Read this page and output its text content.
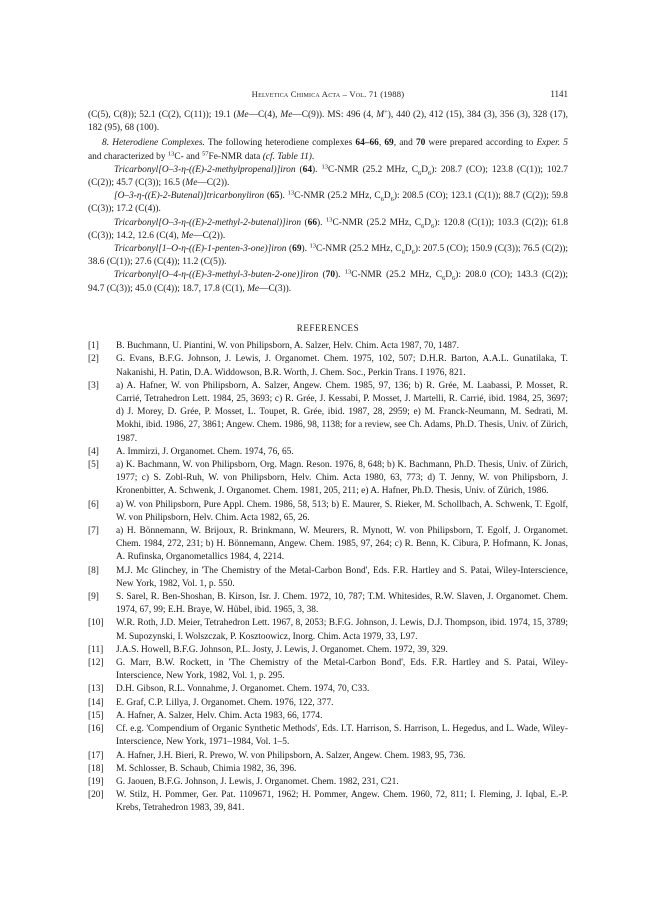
Helvetica Chimica Acta – Vol. 71 (1988)	1141

(C(5), C(8)); 52.1 (C(2), C(11)); 19.1 (Me—C(4), Me—C(9)). MS: 496 (4, M+), 440 (2), 412 (15), 384 (3), 356 (3), 328 (17), 182 (95), 68 (100).

8. Heterodiene Complexes. The following heterodiene complexes 64–66, 69, and 70 were prepared according to Exper. 5 and characterized by $^{13}$C- and $^{57}$Fe-NMR data (cf. Table 11).

Tricarbonyl[O–3-η-((E)-2-methylpropenal)]iron (64). $^{13}$C-NMR (25.2 MHz, $C_6D_6$): 208.7 (CO); 123.8 (C(1)); 102.7 (C(2)); 45.7 (C(3)); 16.5 (Me—C(2)).

[O–3-η-((E)-2-Butenal)]tricarbonyliron (65). $^{13}$C-NMR (25.2 MHz, $C_6D_6$): 208.5 (CO); 123.1 (C(1)); 88.7 (C(2)); 59.8 (C(3)); 17.2 (C(4)).

Tricarbonyl[O–3-η-((E)-2-methyl-2-butenal)]iron (66). $^{13}$C-NMR (25.2 MHz, $C_6D_6$): 120.8 (C(1)); 103.3 (C(2)); 61.8 (C(3)); 14.2, 12.6 (C(4), Me—C(2)).

Tricarbonyl[1–O-η-((E)-1-penten-3-one)]iron (69). $^{13}$C-NMR (25.2 MHz, $C_6D_6$): 207.5 (CO); 150.9 (C(3)); 76.5 (C(2)); 38.6 (C(1)); 27.6 (C(4)); 11.2 (C(5)).

Tricarbonyl[O–4-η-((E)-3-methyl-3-buten-2-one)]iron (70). $^{13}$C-NMR (25.2 MHz, $C_6D_6$): 208.0 (CO); 143.3 (C(2)); 94.7 (C(3)); 45.0 (C(4)); 18.7, 17.8 (C(1), Me—C(3)).

REFERENCES

[1]	B. Buchmann, U. Piantini, W. von Philipsborn, A. Salzer, Helv. Chim. Acta 1987, 70, 1487.
[2]	G. Evans, B.F.G. Johnson, J. Lewis, J. Organomet. Chem. 1975, 102, 507; D.H.R. Barton, A.A.L. Gunatilaka, T. Nakanishi, H. Patin, D.A. Widdowson, B.R. Worth, J. Chem. Soc., Perkin Trans. I 1976, 821.
[3]	a) A. Hafner, W. von Philipsborn, A. Salzer, Angew. Chem. 1985, 97, 136; b) R. Grée, M. Laabassi, P. Mosset, R. Carrié, Tetrahedron Lett. 1984, 25, 3693; c) R. Grée, J. Kessabi, P. Mosset, J. Martelli, R. Carrié, ibid. 1984, 25, 3697; d) J. Morey, D. Grée, P. Mosset, L. Toupet, R. Grée, ibid. 1987, 28, 2959; e) M. Franck-Neumann, M. Sedrati, M. Mokhi, ibid. 1986, 27, 3861; Angew. Chem. 1986, 98, 1138; for a review, see Ch. Adams, Ph.D. Thesis, Univ. of Zürich, 1987.
[4]	A. Immirzi, J. Organomet. Chem. 1974, 76, 65.
[5]	a) K. Bachmann, W. von Philipsborn, Org. Magn. Reson. 1976, 8, 648; b) K. Bachmann, Ph.D. Thesis, Univ. of Zürich, 1977; c) S. Zobl-Ruh, W. von Philipsborn, Helv. Chim. Acta 1980, 63, 773; d) T. Jenny, W. von Philipsborn, J. Kronenbitter, A. Schwenk, J. Organomet. Chem. 1981, 205, 211; e) A. Hafner, Ph.D. Thesis, Univ. of Zürich, 1986.
[6]	a) W. von Philipsborn, Pure Appl. Chem. 1986, 58, 513; b) E. Maurer, S. Rieker, M. Schollbach, A. Schwenk, T. Egolf, W. von Philipsborn, Helv. Chim. Acta 1982, 65, 26.
[7]	a) H. Bönnemann, W. Brijoux, R. Brinkmann, W. Meurers, R. Mynott, W. von Philipsborn, T. Egolf, J. Organomet. Chem. 1984, 272, 231; b) H. Bönnemann, Angew. Chem. 1985, 97, 264; c) R. Benn, K. Cibura, P. Hofmann, K. Jonas, A. Rufinska, Organometallics 1984, 4, 2214.
[8]	M.J. Mc Glinchey, in 'The Chemistry of the Metal-Carbon Bond', Eds. F.R. Hartley and S. Patai, Wiley-Interscience, New York, 1982, Vol. 1, p. 550.
[9]	S. Sarel, R. Ben-Shoshan, B. Kirson, Isr. J. Chem. 1972, 10, 787; T.M. Whitesides, R.W. Slaven, J. Organomet. Chem. 1974, 67, 99; E.H. Braye, W. Hübel, ibid. 1965, 3, 38.
[10]	W.R. Roth, J.D. Meier, Tetrahedron Lett. 1967, 8, 2053; B.F.G. Johnson, J. Lewis, D.J. Thompson, ibid. 1974, 15, 3789; M. Supozynski, I. Wolszczak, P. Kosztoowicz, Inorg. Chim. Acta 1979, 33, L97.
[11]	J.A.S. Howell, B.F.G. Johnson, P.L. Josty, J. Lewis, J. Organomet. Chem. 1972, 39, 329.
[12]	G. Marr, B.W. Rockett, in 'The Chemistry of the Metal-Carbon Bond', Eds. F.R. Hartley and S. Patai, Wiley-Interscience, New York, 1982, Vol. 1, p. 295.
[13]	D.H. Gibson, R.L. Vonnahme, J. Organomet. Chem. 1974, 70, C33.
[14]	E. Graf, C.P. Lillya, J. Organomet. Chem. 1976, 122, 377.
[15]	A. Hafner, A. Salzer, Helv. Chim. Acta 1983, 66, 1774.
[16]	Cf. e.g. 'Compendium of Organic Synthetic Methods', Eds. I.T. Harrison, S. Harrison, L. Hegedus, and L. Wade, Wiley-Interscience, New York, 1971–1984, Vol. 1–5.
[17]	A. Hafner, J.H. Bieri, R. Prewo, W. von Philipsborn, A. Salzer, Angew. Chem. 1983, 95, 736.
[18]	M. Schlosser, B. Schaub, Chimia 1982, 36, 396.
[19]	G. Jaouen, B.F.G. Johnson, J. Lewis, J. Organomet. Chem. 1982, 231, C21.
[20]	W. Stilz, H. Pommer, Ger. Pat. 1109671, 1962; H. Pommer, Angew. Chem. 1960, 72, 811; I. Fleming, J. Iqbal, E.-P. Krebs, Tetrahedron 1983, 39, 841.
